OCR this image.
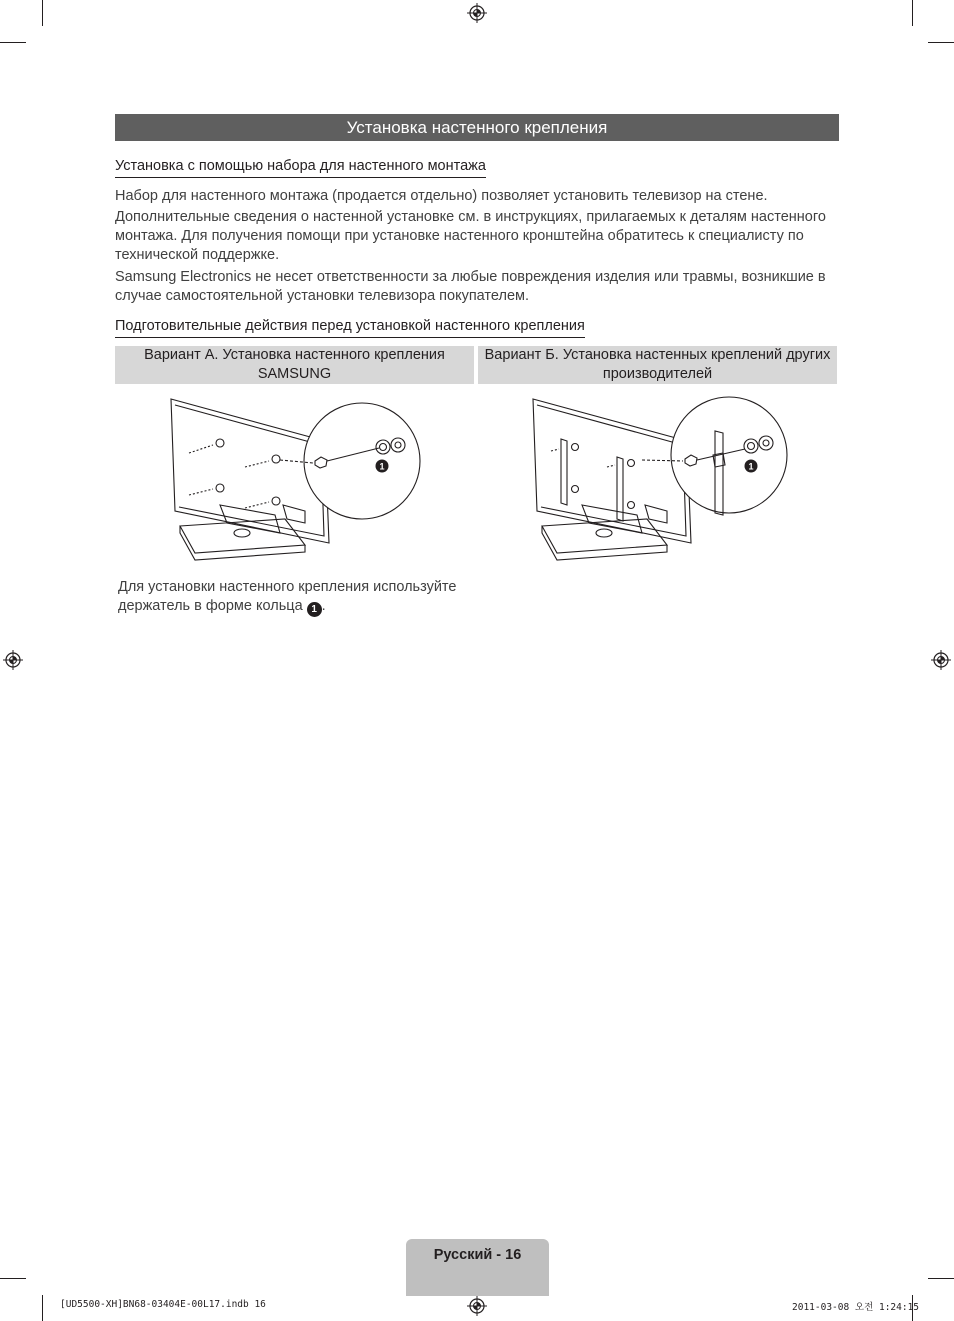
Установка настенного крепления
Установка с помощью набора для настенного монтажа

Набор для настенного монтажа (продается отдельно) позволяет установить телевизор на стене.

Дополнительные сведения о настенной установке см. в инструкциях, прилагаемых к деталям настенного монтажа. Для получения помощи при установке настенного кронштейна обратитесь к специалисту по технической поддержке.

Samsung Electronics не несет ответственности за любые повреждения изделия или травмы, возникшие в случае самостоятельной установки телевизора покупателем.

Подготовительные действия перед установкой настенного крепления
Вариант A. Установка настенного крепления SAMSUNG
Вариант Б. Установка настенных креплений других производителей
1	1

Для установки настенного крепления используйте держатель в форме кольца 1 .

Русский - 16
[UD5500-XH]BN68-03404E-00L17.indb 16	2011-03-08 오전 1:24:15
